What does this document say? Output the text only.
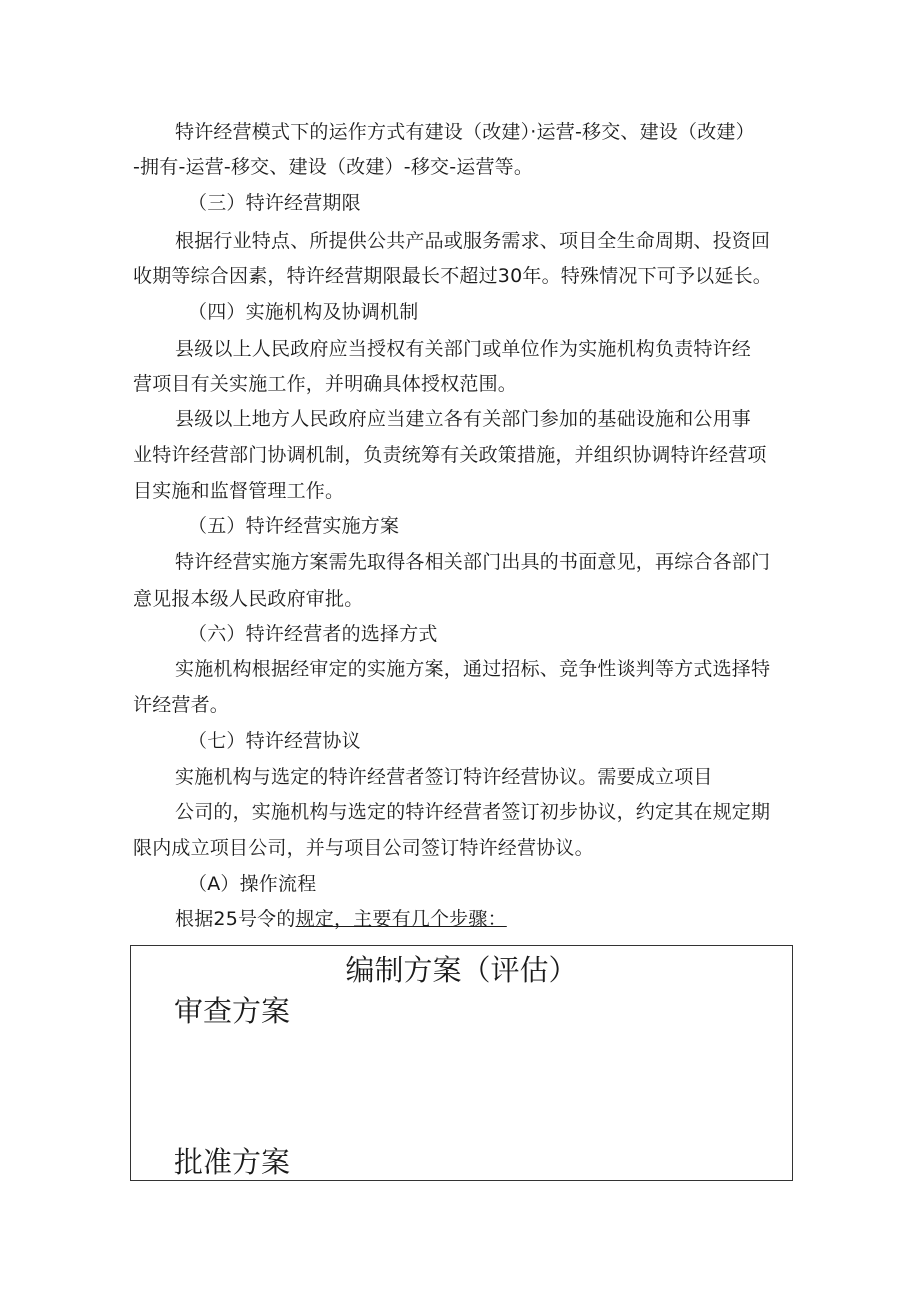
特许经营模式下的运作方式有建设（改建）·运营-移交、建设（改建）
-拥有-运营-移交、建设（改建）-移交-运营等。
（三）特许经营期限
根据行业特点、所提供公共产品或服务需求、项目全生命周期、投资回
收期等综合因素，特许经营期限最长不超过30年。特殊情况下可予以延长。
（四）实施机构及协调机制
县级以上人民政府应当授权有关部门或单位作为实施机构负责特许经
营项目有关实施工作，并明确具体授权范围。
县级以上地方人民政府应当建立各有关部门参加的基础设施和公用事
业特许经营部门协调机制，负责统筹有关政策措施，并组织协调特许经营项
目实施和监督管理工作。
（五）特许经营实施方案
特许经营实施方案需先取得各相关部门出具的书面意见，再综合各部门
意见报本级人民政府审批。
（六）特许经营者的选择方式
实施机构根据经审定的实施方案，通过招标、竞争性谈判等方式选择特
许经营者。
（七）特许经营协议
实施机构与选定的特许经营者签订特许经营协议。需要成立项目
公司的，实施机构与选定的特许经营者签订初步协议，约定其在规定期
限内成立项目公司，并与项目公司签订特许经营协议。
（A）操作流程
根据25号令的规定，主要有几个步骤：
编制方案（评估）
审查方案
批准方案
